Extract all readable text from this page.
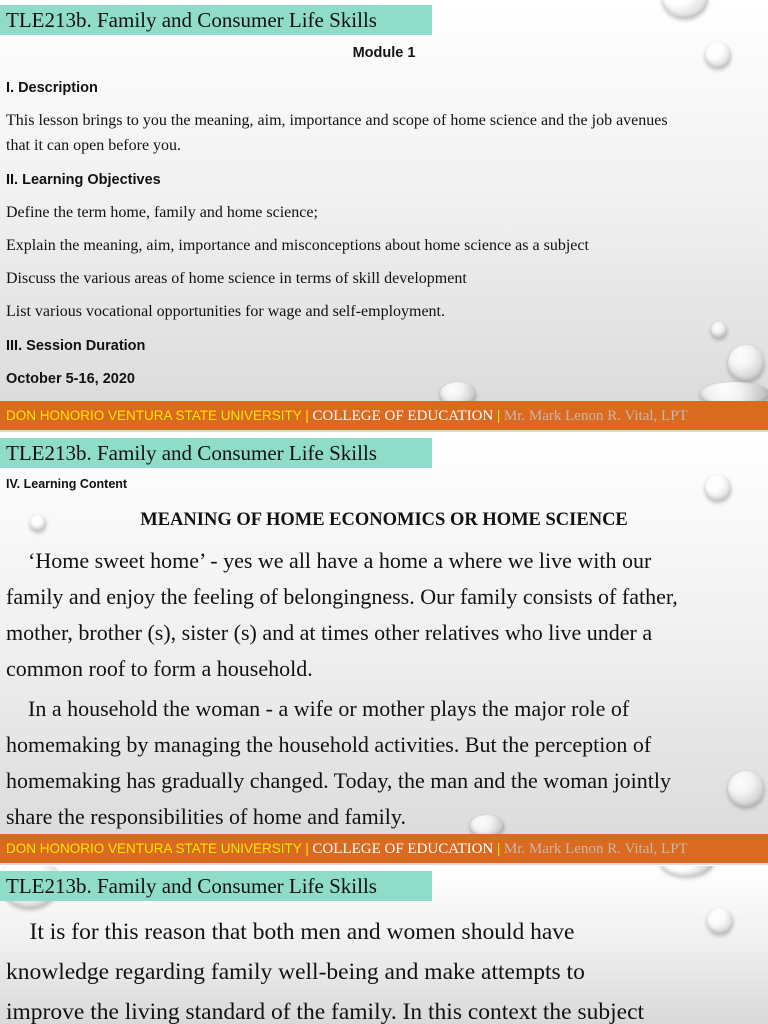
TLE213b. Family and Consumer Life Skills
Module 1
I. Description
This lesson brings to you the meaning, aim, importance and scope of home science and the job avenues
that it can open before you.
II. Learning Objectives
Define the term home, family and home science;
Explain the meaning, aim, importance and misconceptions about home science as a subject
Discuss the various areas of home science in terms of skill development
List various vocational opportunities for wage and self-employment.
III. Session Duration
October 5-16, 2020
DON HONORIO VENTURA STATE UNIVERSITY | COLLEGE OF EDUCATION | Mr. Mark Lenon R. Vital, LPT
TLE213b. Family and Consumer Life Skills
IV. Learning Content
MEANING OF HOME ECONOMICS OR HOME SCIENCE

‘Home sweet home’ - yes we all have a home a where we live with our

family and enjoy the feeling of belongingness. Our family consists of father,

mother, brother (s), sister (s) and at times other relatives who live under a

common roof to form a household.

In a household the woman - a wife or mother plays the major role of

homemaking by managing the household activities. But the perception of

homemaking has gradually changed. Today, the man and the woman jointly

share the responsibilities of home and family.

DON HONORIO VENTURA STATE UNIVERSITY | COLLEGE OF EDUCATION | Mr. Mark Lenon R. Vital, LPT
TLE213b. Family and Consumer Life Skills

It is for this reason that both men and women should have

knowledge regarding family well-being and make attempts to

improve the living standard of the family. In this context the subject
